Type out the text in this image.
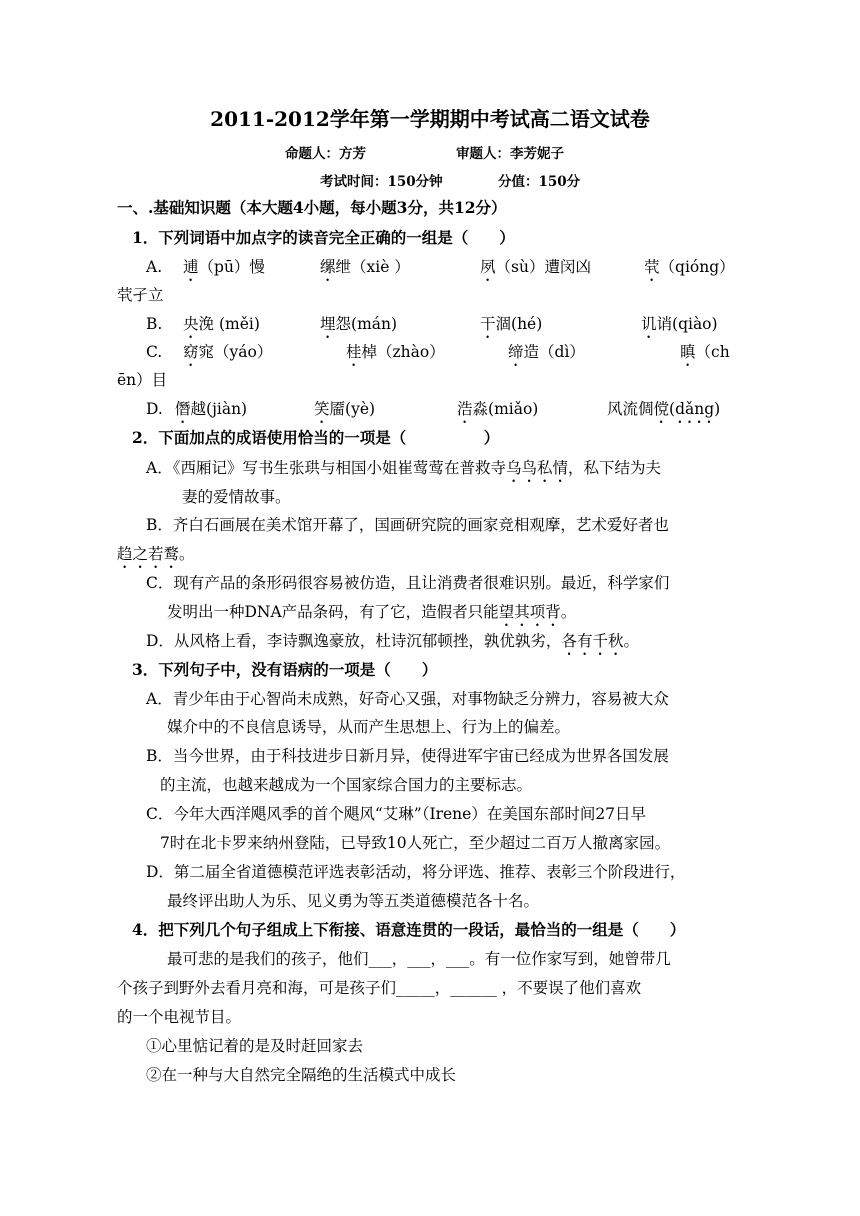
2011-2012学年第一学期期中考试高二语文试卷
命题人：方芳	审题人：李芳妮子
考试时间：150分钟	分值：150分
一、.基础知识题（本大题4小题，每小题3分，共12分）
1．下列词语中加点字的读音完全正确的一组是（　　）
A. 逋（pū）慢	缧绁（xiè ）	夙（sù）遭闵凶	茕（qióng）
茕孑立
B. 央浼 (měi)	埋怨(mán)	干涸(hé)	讥诮(qiào)
C. 窈窕（yáo）	桂棹（zhào）	缔造（dì）	瞋（ch
ēn）目
D. 僭越(jiàn)	笑靥(yè)	浩淼(miǎo)	风流倜傥(dǎng)
2．下面加点的成语使用恰当的一项是（　　　　　）
A．《西厢记》写书生张珙与相国小姐崔莺莺在普救寺乌鸟私情，私下结为夫
妻的爱情故事。
B．齐白石画展在美术馆开幕了，国画研究院的画家竞相观摩，艺术爱好者也
趋之若鹜。
C．现有产品的条形码很容易被仿造，且让消费者很难识别。最近，科学家们
发明出一种DNA产品条码，有了它，造假者只能望其项背。
D．从风格上看，李诗飘逸豪放，杜诗沉郁顿挫，孰优孰劣，各有千秋。
3．下列句子中，没有语病的一项是（　　）
A．青少年由于心智尚未成熟，好奇心又强，对事物缺乏分辨力，容易被大众
媒介中的不良信息诱导，从而产生思想上、行为上的偏差。
B．当今世界，由于科技进步日新月异，使得进军宇宙已经成为世界各国发展
的主流，也越来越成为一个国家综合国力的主要标志。
C．今年大西洋飓风季的首个飓风“艾琳”（Irene）在美国东部时间27日早
7时在北卡罗来纳州登陆，已导致10人死亡，至少超过二百万人撤离家园。
D．第二届全省道德模范评选表彰活动，将分评选、推荐、表彰三个阶段进行，
最终评出助人为乐、见义勇为等五类道德模范各十名。
4．把下列几个句子组成上下衔接、语意连贯的一段话，最恰当的一组是（　　）
最可悲的是我们的孩子，他们___，___，___。有一位作家写到，她曾带几
个孩子到野外去看月亮和海，可是孩子们_____，______ ，不要误了他们喜欢
的一个电视节目。
①心里惦记着的是及时赶回家去
②在一种与大自然完全隔绝的生活模式中成长
